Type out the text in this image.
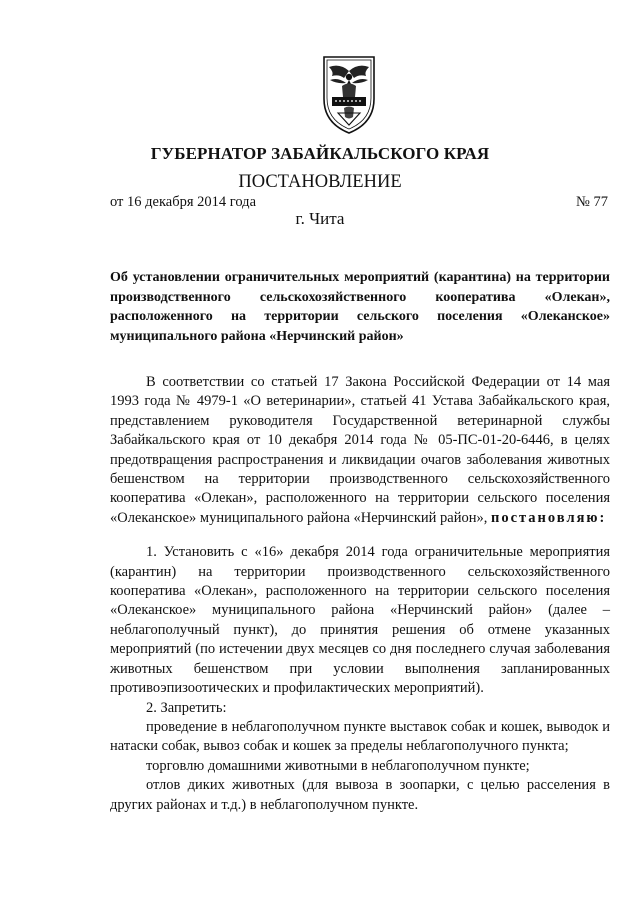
ГУБЕРНАТОР ЗАБАЙКАЛЬСКОГО КРАЯ
ПОСТАНОВЛЕНИЕ
от 16 декабря 2014 года	№ 77
г. Чита
Об установлении ограничительных мероприятий (карантина) на территории производственного сельскохозяйственного кооператива «Олекан», расположенного на территории сельского поселения «Олеканское» муниципального района «Нерчинский район»

В соответствии со статьей 17 Закона Российской Федерации от 14 мая 1993 года № 4979-1 «О ветеринарии», статьей 41 Устава Забайкальского края, представлением руководителя Государственной ветеринарной службы Забайкальского края от 10 декабря 2014 года № 05-ПС-01-20-6446, в целях предотвращения распространения и ликвидации очагов заболевания животных бешенством на территории производственного сельскохозяйственного кооператива «Олекан», расположенного на территории сельского поселения «Олеканское» муниципального района «Нерчинский район», постановляю:

1. Установить с «16» декабря 2014 года ограничительные мероприятия (карантин) на территории производственного сельскохозяйственного кооператива «Олекан», расположенного на территории сельского поселения «Олеканское» муниципального района «Нерчинский район» (далее – неблагополучный пункт), до принятия решения об отмене указанных мероприятий (по истечении двух месяцев со дня последнего случая заболевания животных бешенством при условии выполнения запланированных противоэпизоотических и профилактических мероприятий).

2. Запретить:

проведение в неблагополучном пункте выставок собак и кошек, выводок и натаски собак, вывоз собак и кошек за пределы неблагополучного пункта;

торговлю домашними животными в неблагополучном пункте;

отлов диких животных (для вывоза в зоопарки, с целью расселения в других районах и т.д.) в неблагополучном пункте.
